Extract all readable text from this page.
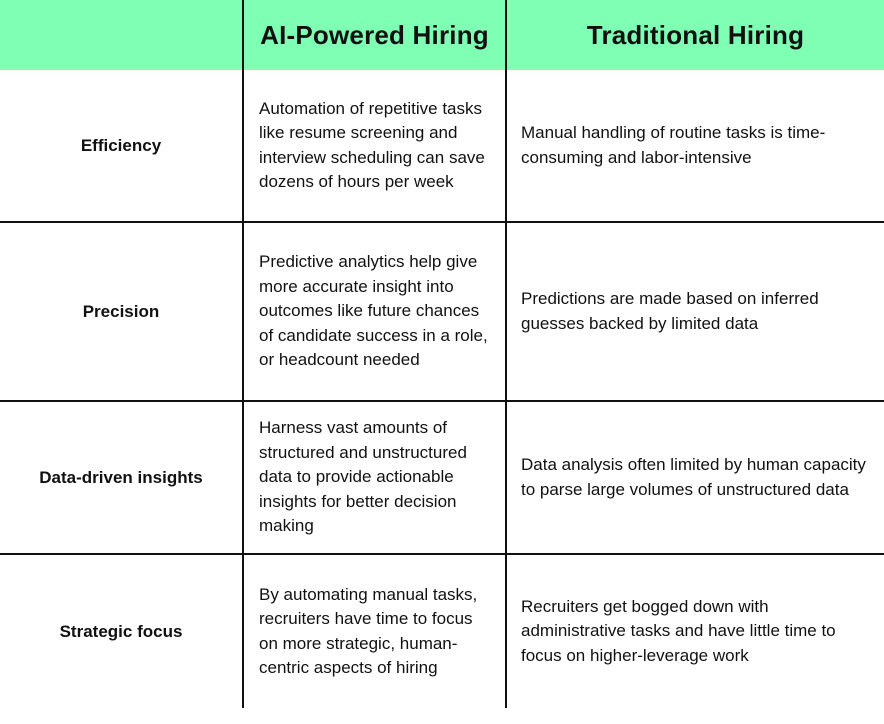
AI-Powered Hiring	Traditional Hiring
Efficiency
Automation of repetitive tasks like resume screening and interview scheduling can save dozens of hours per week
Manual handling of routine tasks is time-consuming and labor-intensive
Precision
Predictive analytics help give more accurate insight into outcomes like future chances of candidate success in a role, or headcount needed
Predictions are made based on inferred guesses backed by limited data
Data-driven insights
Harness vast amounts of structured and unstructured data to provide actionable insights for better decision making
Data analysis often limited by human capacity to parse large volumes of unstructured data
Strategic focus
By automating manual tasks, recruiters have time to focus on more strategic, human-centric aspects of hiring
Recruiters get bogged down with administrative tasks and have little time to focus on higher-leverage work
